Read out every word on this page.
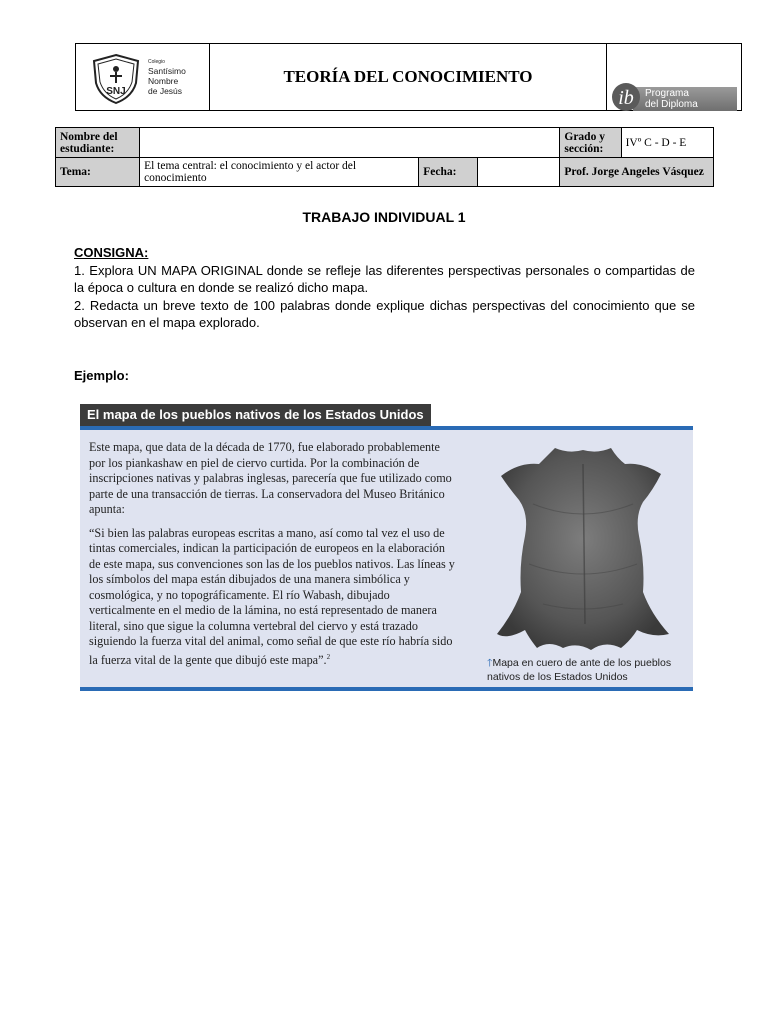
SNJ
Colegio
Santísimo
Nombre
de Jesús
TEORÍA DEL CONOCIMIENTO
Programa
del Diploma
ib
Nombre del estudiante:				Grado y sección:	IVº C - D - E
Tema:	El tema central: el conocimiento y el actor del conocimiento	Fecha:		Prof. Jorge Angeles Vásquez	
TRABAJO INDIVIDUAL 1
CONSIGNA:

1. Explora UN MAPA ORIGINAL donde se refleje las diferentes perspectivas personales o compartidas de la época o cultura en donde se realizó dicho mapa.

2. Redacta un breve texto de 100 palabras donde explique dichas perspectivas del conocimiento que se observan en el mapa explorado.

Ejemplo:
El mapa de los pueblos nativos de los Estados Unidos

Este mapa, que data de la década de 1770, fue elaborado probablemente por los piankashaw en piel de ciervo curtida. Por la combinación de inscripciones nativas y palabras inglesas, parecería que fue utilizado como parte de una transacción de tierras. La conservadora del Museo Británico apunta:

“Si bien las palabras europeas escritas a mano, así como tal vez el uso de tintas comerciales, indican la participación de europeos en la elaboración de este mapa, sus convenciones son las de los pueblos nativos. Las líneas y los símbolos del mapa están dibujados de una manera simbólica y cosmológica, y no topográficamente. El río Wabash, dibujado verticalmente en el medio de la lámina, no está representado de manera literal, sino que sigue la columna vertebral del ciervo y está trazado siguiendo la fuerza vital del animal, como señal de que este río habría sido la fuerza vital de la gente que dibujó este mapa”.$^2$

🡑Mapa en cuero de ante de los pueblos nativos de los Estados Unidos
